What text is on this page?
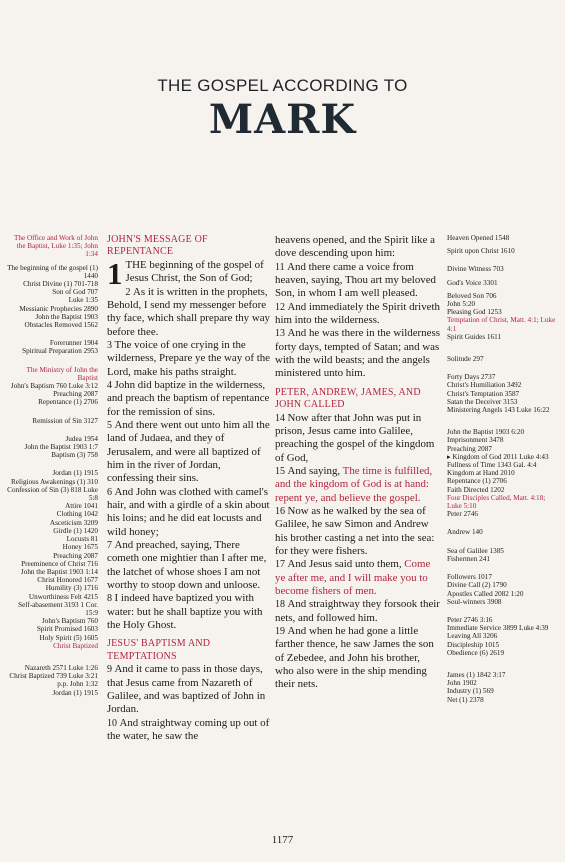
THE GOSPEL ACCORDING TO
MARK
The Office and Work of John the Baptist, Luke 1:35; John 1:34
The beginning of the gospel (1) 1440
Christ Divine (1) 701-718
Son of God 707
Luke 1:35
Messianic Prophecies 2890
John the Baptist 1903
Obstacles Removed 1562
Forerunner 1904
Spiritual Preparation 2953
The Ministry of John the Baptist
John's Baptism 760 Luke 3:12
Preaching 2087
Repentance (1) 2706
Remission of Sin 3127
Judea 1954
John the Baptist 1903 1:7
Baptism (3) 758
Jordan (1) 1915
Religious Awakenings (1) 310
Confession of Sin (3) 818 Luke 5:8
Attire 1041
Clothing 1042
Asceticism 3209
Girdle (1) 1420
Locusts 81
Honey 1675
Preaching 2087
Preeminence of Christ 716
John the Baptist 1903 1:14
Christ Honored 1677
Humility (3) 1716
Unworthiness Felt 4215
Self-abasement 3193 1 Cor. 15:9
John's Baptism 760
Spirit Promised 1603
Holy Spirit (5) 1605
Christ Baptized
Nazareth 2571 Luke 1:26
Christ Baptized 739 Luke 3:21 p.p. John 1:32
Jordan (1) 1915
JOHN'S MESSAGE OF REPENTANCE
1 THE beginning of the gospel of Jesus Christ, the Son of God;
2 As it is written in the prophets, Behold, I send my messenger before thy face, which shall prepare thy way before thee.
3 The voice of one crying in the wilderness, Prepare ye the way of the Lord, make his paths straight.
4 John did baptize in the wilderness, and preach the baptism of repentance for the remission of sins.
5 And there went out unto him all the land of Judaea, and they of Jerusalem, and were all baptized of him in the river of Jordan, confessing their sins.
6 And John was clothed with camel's hair, and with a girdle of a skin about his loins; and he did eat locusts and wild honey;
7 And preached, saying, There cometh one mightier than I after me, the latchet of whose shoes I am not worthy to stoop down and unloose.
8 I indeed have baptized you with water: but he shall baptize you with the Holy Ghost.
JESUS' BAPTISM AND TEMPTATIONS
9 And it came to pass in those days, that Jesus came from Nazareth of Galilee, and was baptized of John in Jordan.
10 And straightway coming up out of the water, he saw the
heavens opened, and the Spirit like a dove descending upon him:
11 And there came a voice from heaven, saying, Thou art my beloved Son, in whom I am well pleased.
12 And immediately the Spirit driveth him into the wilderness.
13 And he was there in the wilderness forty days, tempted of Satan; and was with the wild beasts; and the angels ministered unto him.
PETER, ANDREW, JAMES, AND JOHN CALLED
14 Now after that John was put in prison, Jesus came into Galilee, preaching the gospel of the kingdom of God,
15 And saying, The time is fulfilled, and the kingdom of God is at hand: repent ye, and believe the gospel.
16 Now as he walked by the sea of Galilee, he saw Simon and Andrew his brother casting a net into the sea: for they were fishers.
17 And Jesus said unto them, Come ye after me, and I will make you to become fishers of men.
18 And straightway they forsook their nets, and followed him.
19 And when he had gone a little farther thence, he saw James the son of Zebedee, and John his brother, who also were in the ship mending their nets.
Heaven Opened 1548
Spirit upon Christ 1610
Divine Witness 703
God's Voice 3301
Beloved Son 706
John 5:20
Pleasing God 1253
Temptation of Christ, Matt. 4:1; Luke 4:1
Spirit Guides 1611
Solitude 297
Forty Days 2737
Christ's Humiliation 3492
Christ's Temptation 3587
Satan the Deceiver 3153
Ministering Angels 143 Luke 16:22
John the Baptist 1903 6:20
Imprisonment 3478
Preaching 2087
▸ Kingdom of God 2011 Luke 4:43
Fullness of Time 1343 Gal. 4:4
Kingdom at Hand 2010
Repentance (1) 2706
Faith Directed 1202
Four Disciples Called, Matt. 4:18; Luke 5:10
Peter 2746
Andrew 140
Sea of Galilee 1385
Fishermen 241
Followers 1017
Divine Call (2) 1790
Apostles Called 2082 1:20
Soul-winners 3908
Peter 2746 3:16
Immediate Service 3899 Luke 4:39
Leaving All 3206
Discipleship 1015
Obedience (6) 2619
James (1) 1842 3:17
John 1902
Industry (1) 569
Net (1) 2378
1177
